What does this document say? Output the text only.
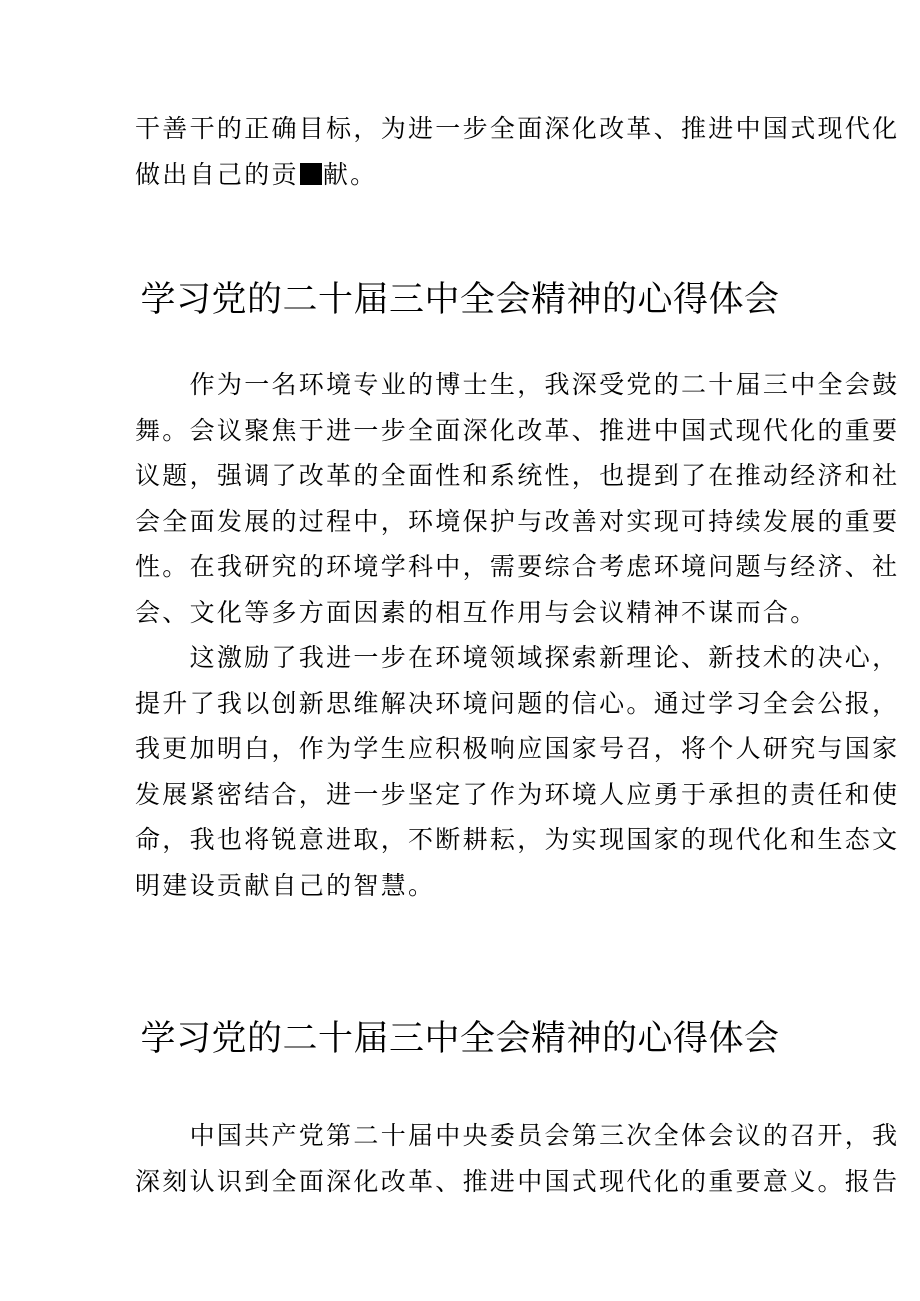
干善干的正确目标，为进一步全面深化改革、推进中国式现代化
做出自己的贡 献。

学习党的二十届三中全会精神的心得体会

　　作为一名环境专业的博士生，我深受党的二十届三中全会鼓
舞。会议聚焦于进一步全面深化改革、推进中国式现代化的重要
议题，强调了改革的全面性和系统性，也提到了在推动经济和社
会全面发展的过程中，环境保护与改善对实现可持续发展的重要
性。在我研究的环境学科中，需要综合考虑环境问题与经济、社
会、文化等多方面因素的相互作用与会议精神不谋而合。

　　这激励了我进一步在环境领域探索新理论、新技术的决心，
提升了我以创新思维解决环境问题的信心。通过学习全会公报，
我更加明白，作为学生应积极响应国家号召，将个人研究与国家
发展紧密结合，进一步坚定了作为环境人应勇于承担的责任和使
命，我也将锐意进取，不断耕耘，为实现国家的现代化和生态文
明建设贡献自己的智慧。

学习党的二十届三中全会精神的心得体会

　　中国共产党第二十届中央委员会第三次全体会议的召开，我
深刻认识到全面深化改革、推进中国式现代化的重要意义。报告
